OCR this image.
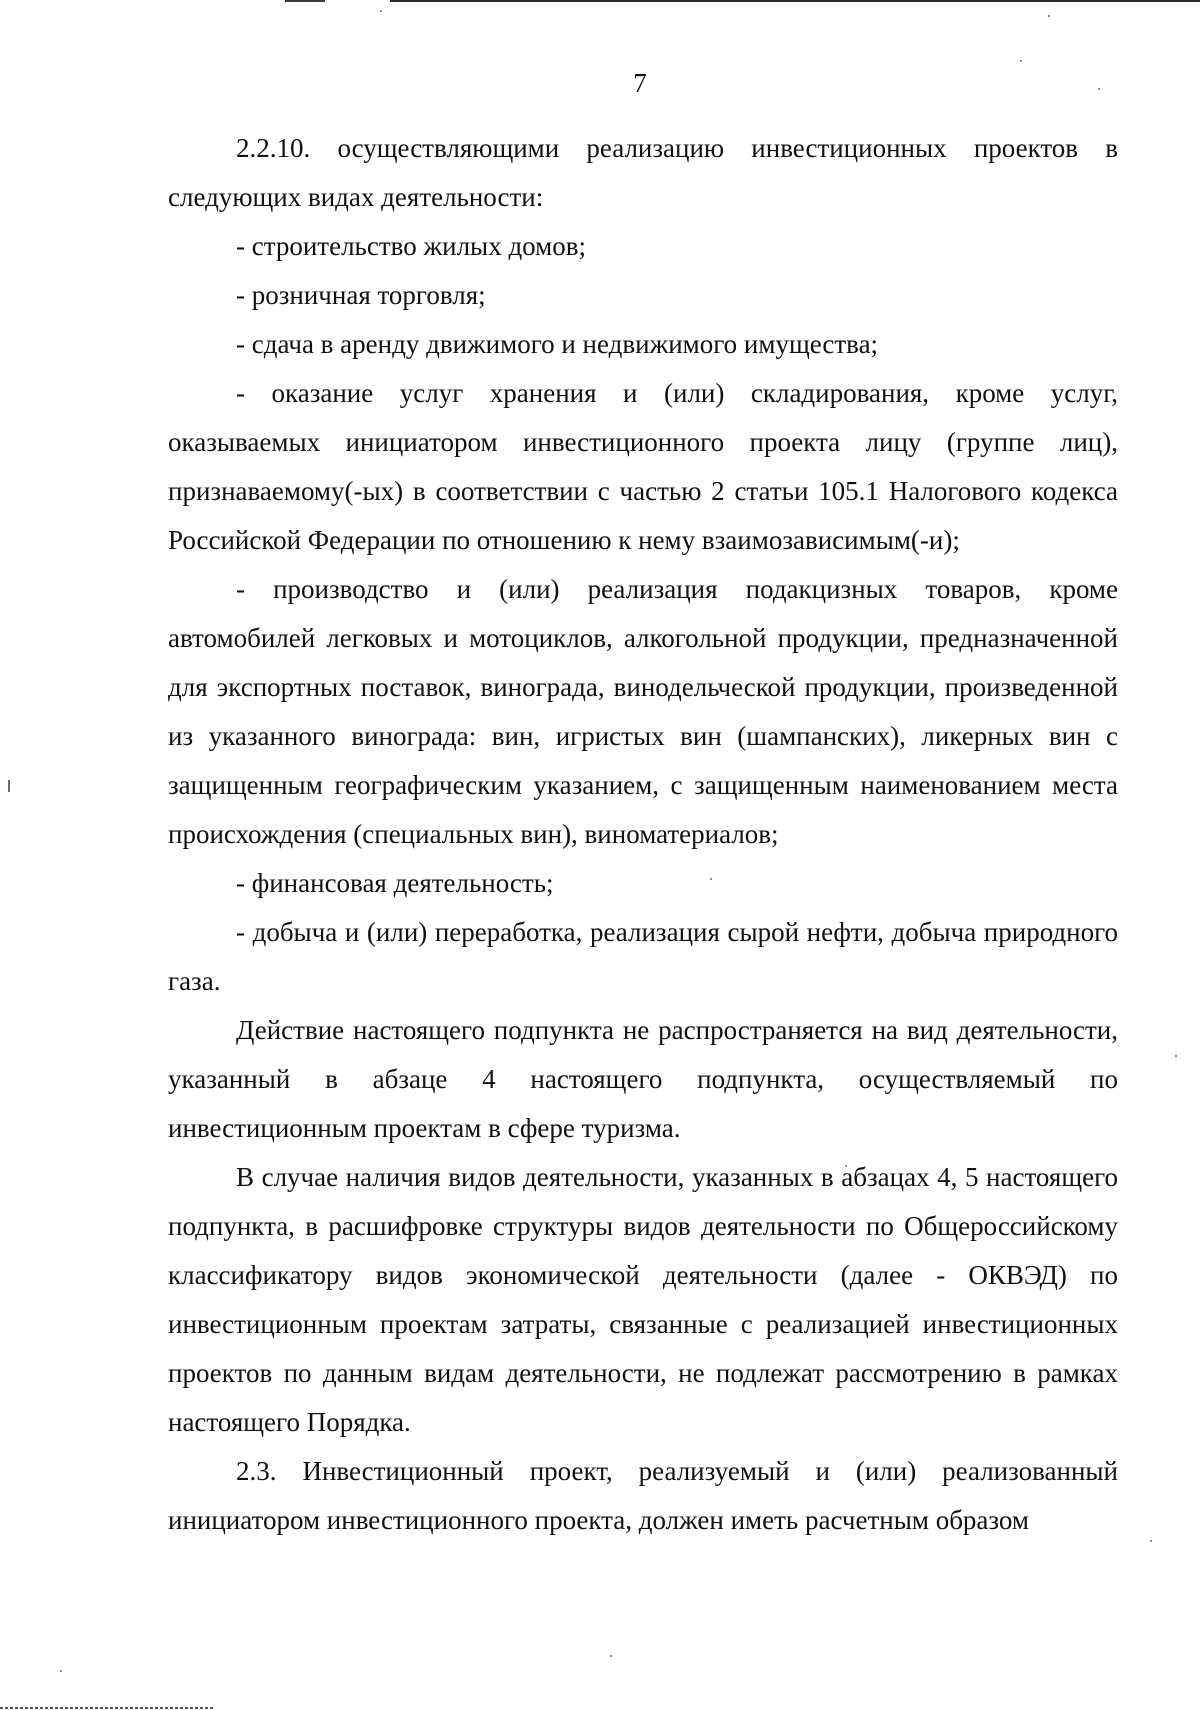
7

2.2.10. осуществляющими реализацию инвестиционных проектов в следующих видах деятельности:

- строительство жилых домов;

- розничная торговля;

- сдача в аренду движимого и недвижимого имущества;

- оказание услуг хранения и (или) складирования, кроме услуг, оказываемых инициатором инвестиционного проекта лицу (группе лиц), признаваемому(-ых) в соответствии с частью 2 статьи 105.1 Налогового кодекса Российской Федерации по отношению к нему взаимозависимым(-и);

- производство и (или) реализация подакцизных товаров, кроме автомобилей легковых и мотоциклов, алкогольной продукции, предназначенной для экспортных поставок, винограда, винодельческой продукции, произведенной из указанного винограда: вин, игристых вин (шампанских), ликерных вин с защищенным географическим указанием, с защищенным наименованием места происхождения (специальных вин), виноматериалов;

- финансовая деятельность;

- добыча и (или) переработка, реализация сырой нефти, добыча природного газа.

Действие настоящего подпункта не распространяется на вид деятельности, указанный в абзаце 4 настоящего подпункта, осуществляемый по инвестиционным проектам в сфере туризма.

В случае наличия видов деятельности, указанных в абзацах 4, 5 настоящего подпункта, в расшифровке структуры видов деятельности по Общероссийскому классификатору видов экономической деятельности (далее - ОКВЭД) по инвестиционным проектам затраты, связанные с реализацией инвестиционных проектов по данным видам деятельности, не подлежат рассмотрению в рамках настоящего Порядка.

2.3. Инвестиционный проект, реализуемый и (или) реализованный инициатором инвестиционного проекта, должен иметь расчетным образом
